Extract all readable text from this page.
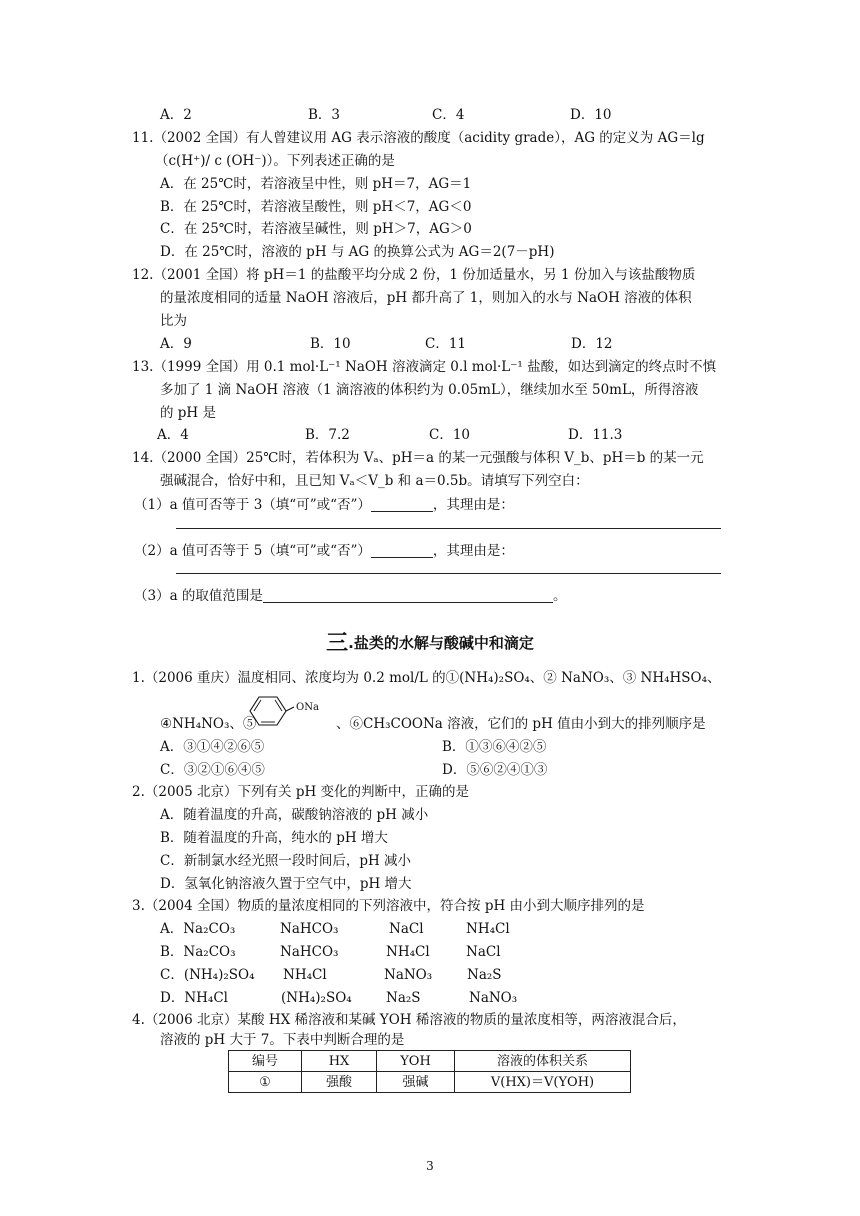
A．2	B．3	C．4	D．10
11.（2002 全国）有人曾建议用 AG 表示溶液的酸度（acidity grade），AG 的定义为 AG＝lg
（c(H⁺)/ c (OH⁻)）。下列表述正确的是
A．在 25℃时，若溶液呈中性，则 pH＝7，AG＝1
B．在 25℃时，若溶液呈酸性，则 pH＜7，AG＜0
C．在 25℃时，若溶液呈碱性，则 pH＞7，AG＞0
D．在 25℃时，溶液的 pH 与 AG 的换算公式为 AG＝2(7－pH)
12.（2001 全国）将 pH＝1 的盐酸平均分成 2 份，1 份加适量水，另 1 份加入与该盐酸物质
的量浓度相同的适量 NaOH 溶液后，pH 都升高了 1，则加入的水与 NaOH 溶液的体积
比为
A．9	B．10	C．11	D．12
13.（1999 全国）用 0.1 mol·L⁻¹ NaOH 溶液滴定 0.l mol·L⁻¹ 盐酸，如达到滴定的终点时不慎
多加了 1 滴 NaOH 溶液（1 滴溶液的体积约为 0.05mL），继续加水至 50mL，所得溶液
的 pH 是
A．4	B．7.2	C．10	D．11.3
14.（2000 全国）25℃时，若体积为 Vₐ、pH＝a 的某一元强酸与体积 V_b、pH＝b 的某一元
强碱混合，恰好中和，且已知 Vₐ＜V_b 和 a＝0.5b。请填写下列空白：
（1）a 值可否等于 3（填“可”或“否”）	，其理由是：
（2）a 值可否等于 5（填“可”或“否”）	，其理由是：
（3）a 的取值范围是	。
三.盐类的水解与酸碱中和滴定
1.（2006 重庆）温度相同、浓度均为 0.2 mol/L 的①(NH₄)₂SO₄、② NaNO₃、③ NH₄HSO₄、
ONa
④NH₄NO₃、⑤	、⑥CH₃COONa 溶液，它们的 pH 值由小到大的排列顺序是
A．③①④②⑥⑤	B．①③⑥④②⑤
C．③②①⑥④⑤	D．⑤⑥②④①③
2.（2005 北京）下列有关 pH 变化的判断中，正确的是
A．随着温度的升高，碳酸钠溶液的 pH 减小
B．随着温度的升高，纯水的 pH 增大
C．新制氯水经光照一段时间后，pH 减小
D．氢氧化钠溶液久置于空气中，pH 增大
3.（2004 全国）物质的量浓度相同的下列溶液中，符合按 pH 由小到大顺序排列的是
A．Na₂CO₃	NaHCO₃	NaCl	NH₄Cl
B．Na₂CO₃	NaHCO₃	NH₄Cl	NaCl
C．(NH₄)₂SO₄ NH₄Cl	NaNO₃	Na₂S
D．NH₄Cl	(NH₄)₂SO₄	Na₂S	NaNO₃
4.（2006 北京）某酸 HX 稀溶液和某碱 YOH 稀溶液的物质的量浓度相等，两溶液混合后，
溶液的 pH 大于 7。下表中判断合理的是
编号	HX	YOH	溶液的体积关系
①	强酸	强碱	V(HX)＝V(YOH)
3
